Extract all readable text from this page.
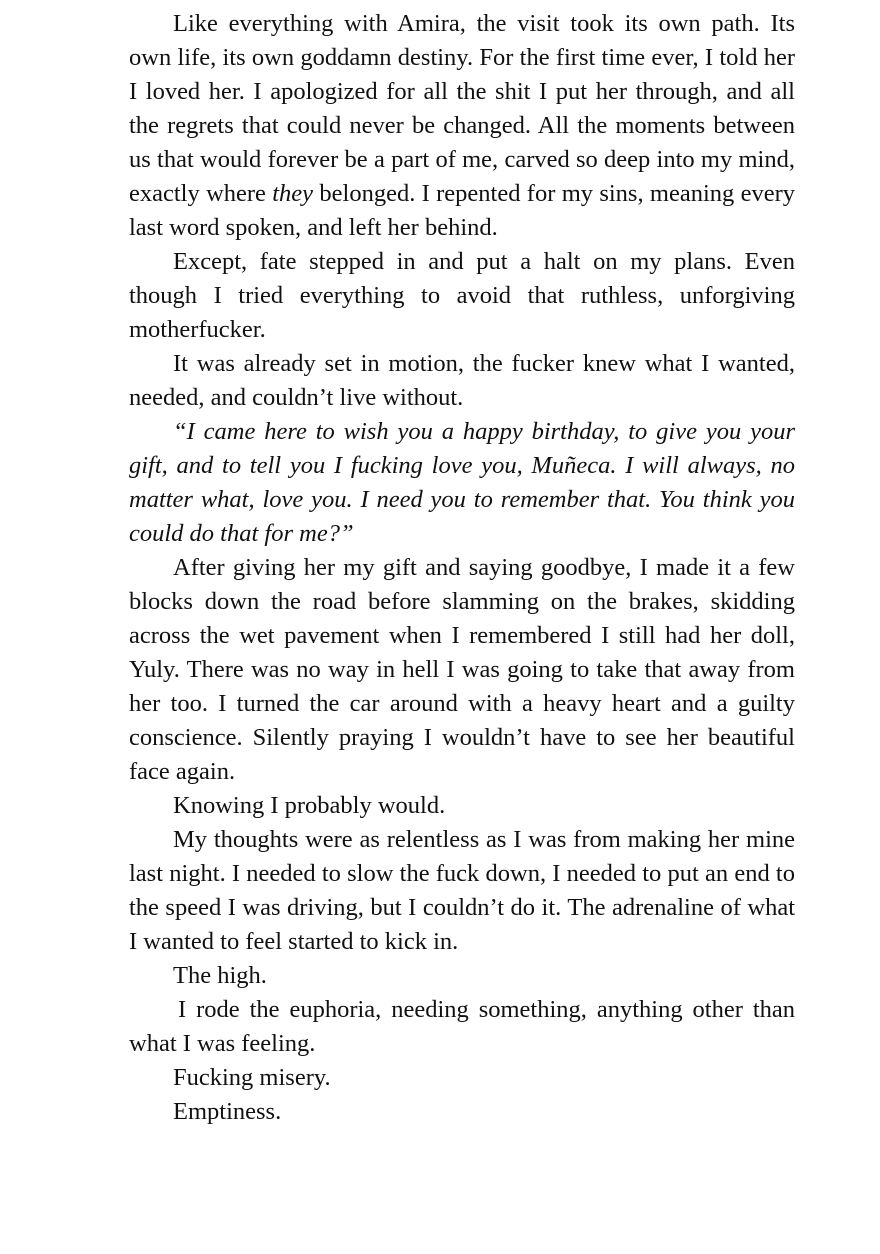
Like everything with Amira, the visit took its own path. Its own life, its own goddamn destiny. For the first time ever, I told her I loved her. I apologized for all the shit I put her through, and all the regrets that could never be changed. All the moments between us that would forever be a part of me, carved so deep into my mind, exactly where they belonged. I repented for my sins, meaning every last word spoken, and left her behind.

Except, fate stepped in and put a halt on my plans. Even though I tried everything to avoid that ruthless, unforgiving motherfucker.

It was already set in motion, the fucker knew what I wanted, needed, and couldn’t live without.

“I came here to wish you a happy birthday, to give you your gift, and to tell you I fucking love you, Muñeca. I will always, no matter what, love you. I need you to remember that. You think you could do that for me?”

After giving her my gift and saying goodbye, I made it a few blocks down the road before slamming on the brakes, skidding across the wet pavement when I remembered I still had her doll, Yuly. There was no way in hell I was going to take that away from her too. I turned the car around with a heavy heart and a guilty conscience. Silently praying I wouldn’t have to see her beautiful face again.

Knowing I probably would.

My thoughts were as relentless as I was from making her mine last night. I needed to slow the fuck down, I needed to put an end to the speed I was driving, but I couldn’t do it. The adrenaline of what I wanted to feel started to kick in.

The high.

I rode the euphoria, needing something, anything other than what I was feeling.

Fucking misery.

Emptiness.
